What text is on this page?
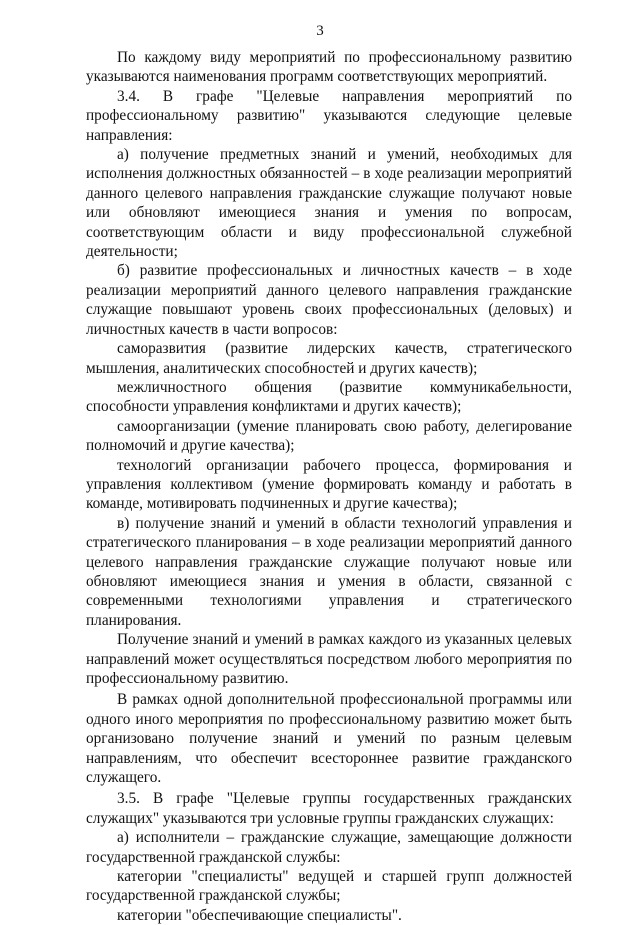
3

По каждому виду мероприятий по профессиональному развитию указываются наименования программ соответствующих мероприятий.

3.4. В графе "Целевые направления мероприятий по профессиональному развитию" указываются следующие целевые направления:

а) получение предметных знаний и умений, необходимых для исполнения должностных обязанностей – в ходе реализации мероприятий данного целевого направления гражданские служащие получают новые или обновляют имеющиеся знания и умения по вопросам, соответствующим области и виду профессиональной служебной деятельности;

б) развитие профессиональных и личностных качеств – в ходе реализации мероприятий данного целевого направления гражданские служащие повышают уровень своих профессиональных (деловых) и личностных качеств в части вопросов:

саморазвития (развитие лидерских качеств, стратегического мышления, аналитических способностей и других качеств);

межличностного общения (развитие коммуникабельности, способности управления конфликтами и других качеств);

самоорганизации (умение планировать свою работу, делегирование полномочий и другие качества);

технологий организации рабочего процесса, формирования и управления коллективом (умение формировать команду и работать в команде, мотивировать подчиненных и другие качества);

в) получение знаний и умений в области технологий управления и стратегического планирования – в ходе реализации мероприятий данного целевого направления гражданские служащие получают новые или обновляют имеющиеся знания и умения в области, связанной с современными технологиями управления и стратегического планирования.

Получение знаний и умений в рамках каждого из указанных целевых направлений может осуществляться посредством любого мероприятия по профессиональному развитию.

В рамках одной дополнительной профессиональной программы или одного иного мероприятия по профессиональному развитию может быть организовано получение знаний и умений по разным целевым направлениям, что обеспечит всестороннее развитие гражданского служащего.

3.5. В графе "Целевые группы государственных гражданских служащих" указываются три условные группы гражданских служащих:

а) исполнители – гражданские служащие, замещающие должности государственной гражданской службы:

категории "специалисты" ведущей и старшей групп должностей государственной гражданской службы;

категории "обеспечивающие специалисты".
